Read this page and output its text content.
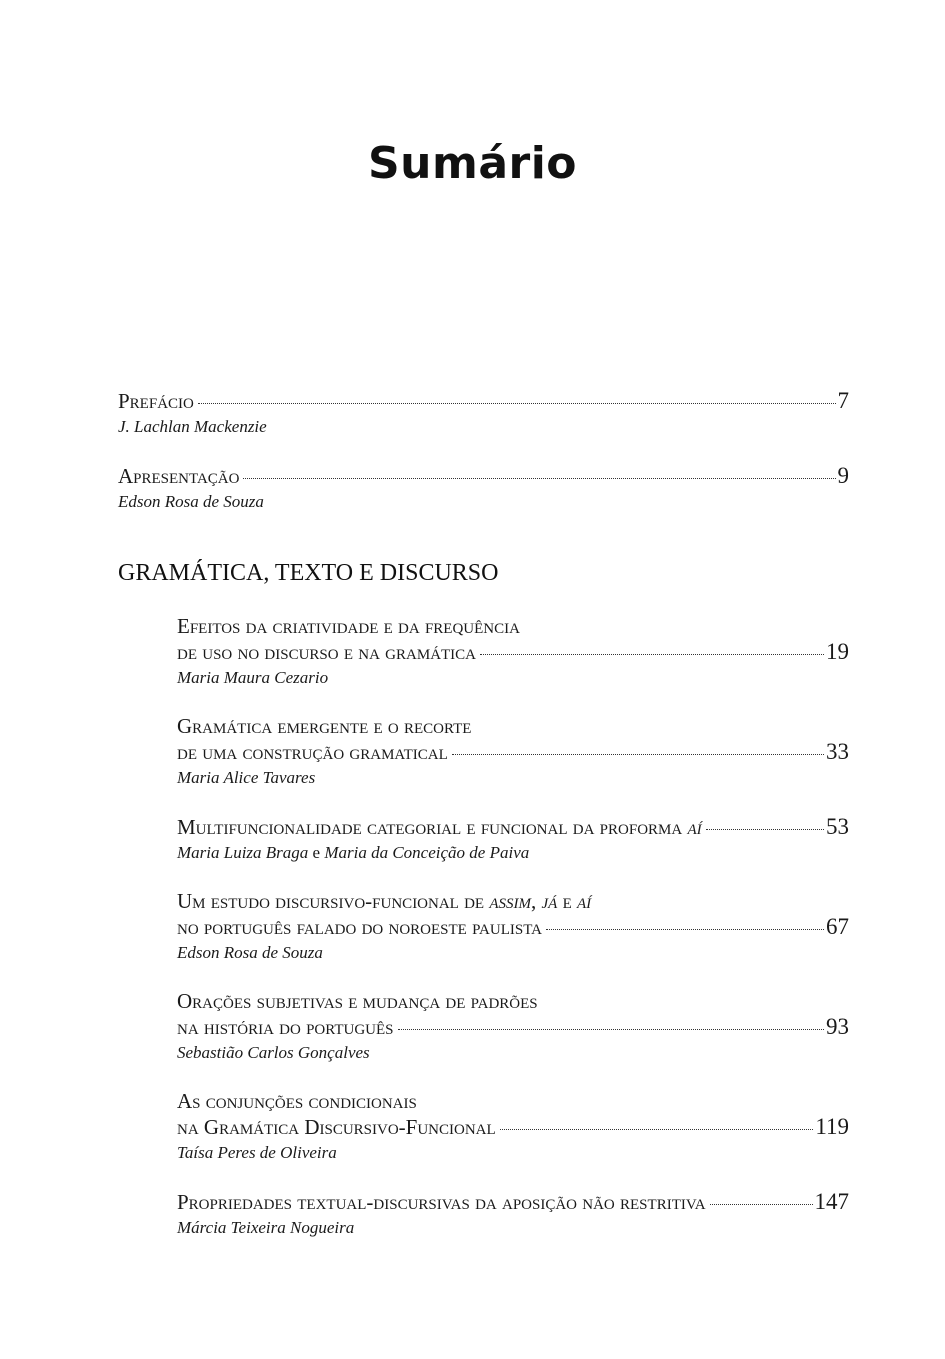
Sumário
Prefácio	7
J. Lachlan Mackenzie
Apresentação	9
Edson Rosa de Souza
GRAMÁTICA, TEXTO E DISCURSO
Efeitos da criatividade e da frequência
de uso no discurso e na gramática	19
Maria Maura Cezario
Gramática emergente e o recorte
de uma construção gramatical	33
Maria Alice Tavares
Multifuncionalidade categorial e funcional da proforma aí	53
Maria Luiza Braga e Maria da Conceição de Paiva
Um estudo discursivo-funcional de assim, já e aí
no português falado do noroeste paulista	67
Edson Rosa de Souza
Orações subjetivas e mudança de padrões
na história do português	93
Sebastião Carlos Gonçalves
As conjunções condicionais
na Gramática Discursivo-Funcional	119
Taísa Peres de Oliveira
Propriedades textual-discursivas da aposição não restritiva	147
Márcia Teixeira Nogueira
